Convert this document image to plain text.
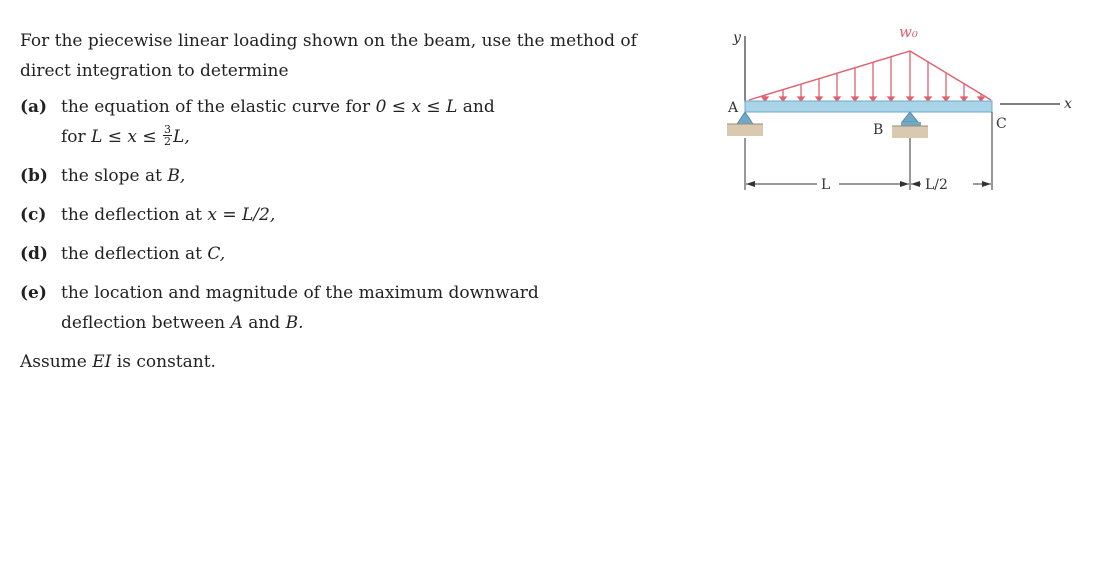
For the piecewise linear loading shown on the beam, use the method of direct integration to determine

(a) the equation of the elastic curve for 0 ≤ x ≤ L and
for $L \le x \le \frac{3}{2} L$,
(b) the slope at B,
(c) the deflection at x = L/2,
(d) the deflection at C,
(e) the location and magnitude of the maximum downward deflection between A and B.

Assume EI is constant.

y
x
w₀
A
B	C
L	L/2
